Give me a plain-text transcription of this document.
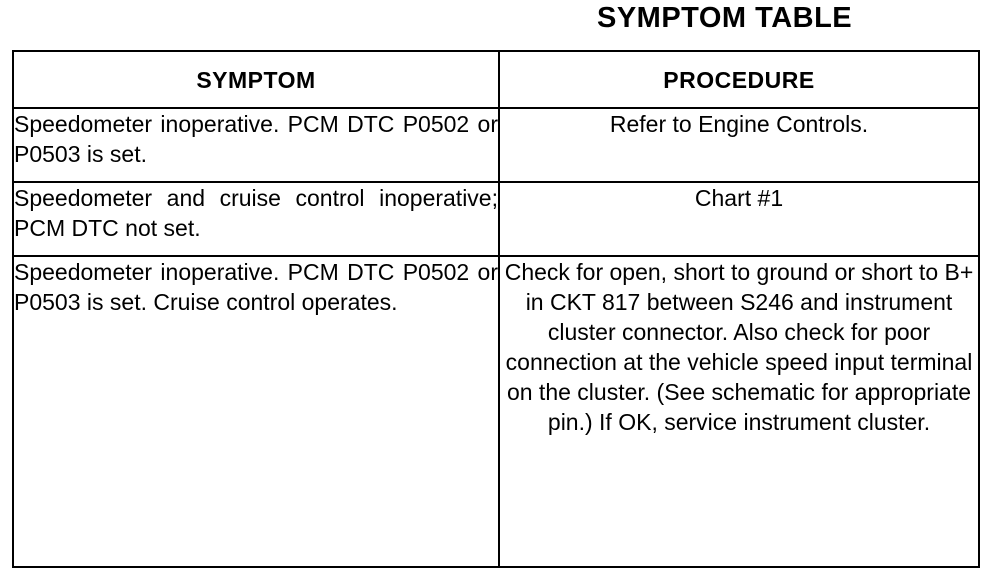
SYMPTOM TABLE
SYMPTOM	PROCEDURE
Speedometer inoperative. PCM DTC P0502 or P0503 is set.	Refer to Engine Controls.
Speedometer and cruise control inoperative; PCM DTC not set.	Chart #1
Speedometer inoperative. PCM DTC P0502 or P0503 is set. Cruise control operates.	Check for open, short to ground or short to B+ in CKT 817 between S246 and instrument cluster connector. Also check for poor connection at the vehicle speed input terminal on the cluster. (See schematic for appropriate pin.) If OK, service instrument cluster.
